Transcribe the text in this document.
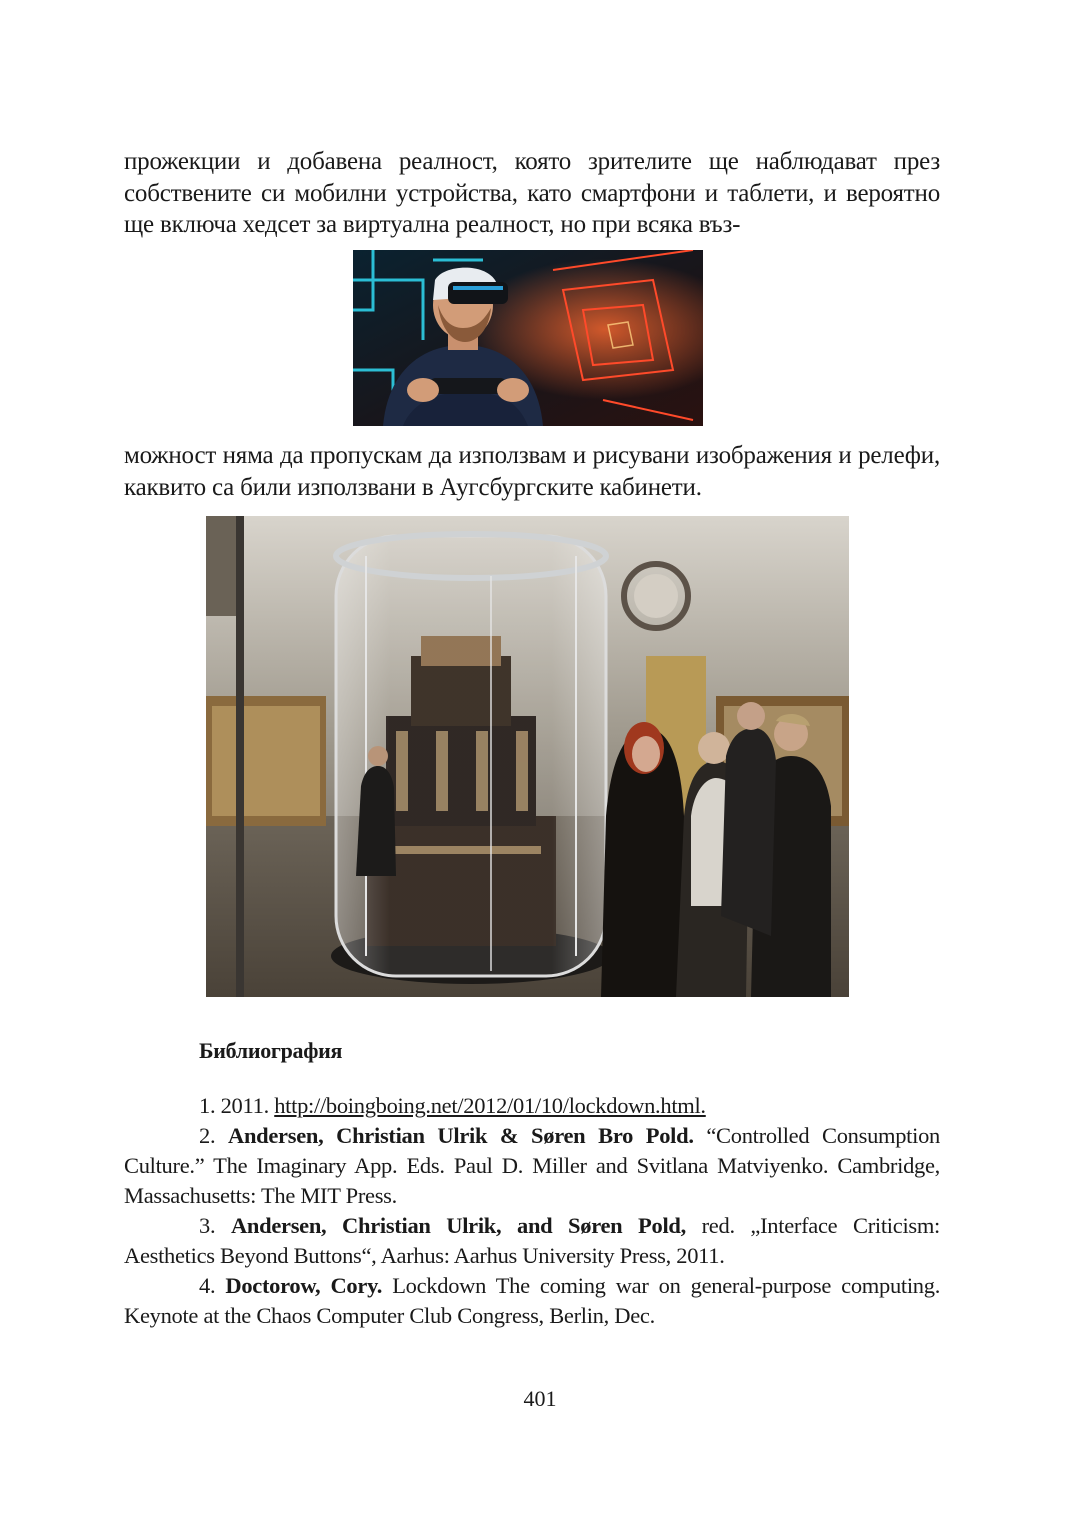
прожекции и добавена реалност, която зрителите ще наблюдават през собствените си мобилни устройства, като смартфони и таблети, и вероятно ще включа хедсет за виртуална реалност, но при всяка въз-

можност няма да пропускам да използвам и рисувани изображения и релефи, каквито са били използвани в Аугсбургските кабинети.

Библиография

1. 2011. http://boingboing.net/2012/01/10/lockdown.html.

2. Andersen, Christian Ulrik & Søren Bro Pold. “Controlled Consumption Culture.” The Imaginary App. Eds. Paul D. Miller and Svitlana Matviyenko. Cambridge, Massachusetts: The MIT Press.

3. Andersen, Christian Ulrik, and Søren Pold, red. „Interface Criticism: Aesthetics Beyond Buttons“, Aarhus: Aarhus University Press, 2011.

4. Doctorow, Cory. Lockdown The coming war on general-purpose computing. Keynote at the Chaos Computer Club Congress, Berlin, Dec.

401
